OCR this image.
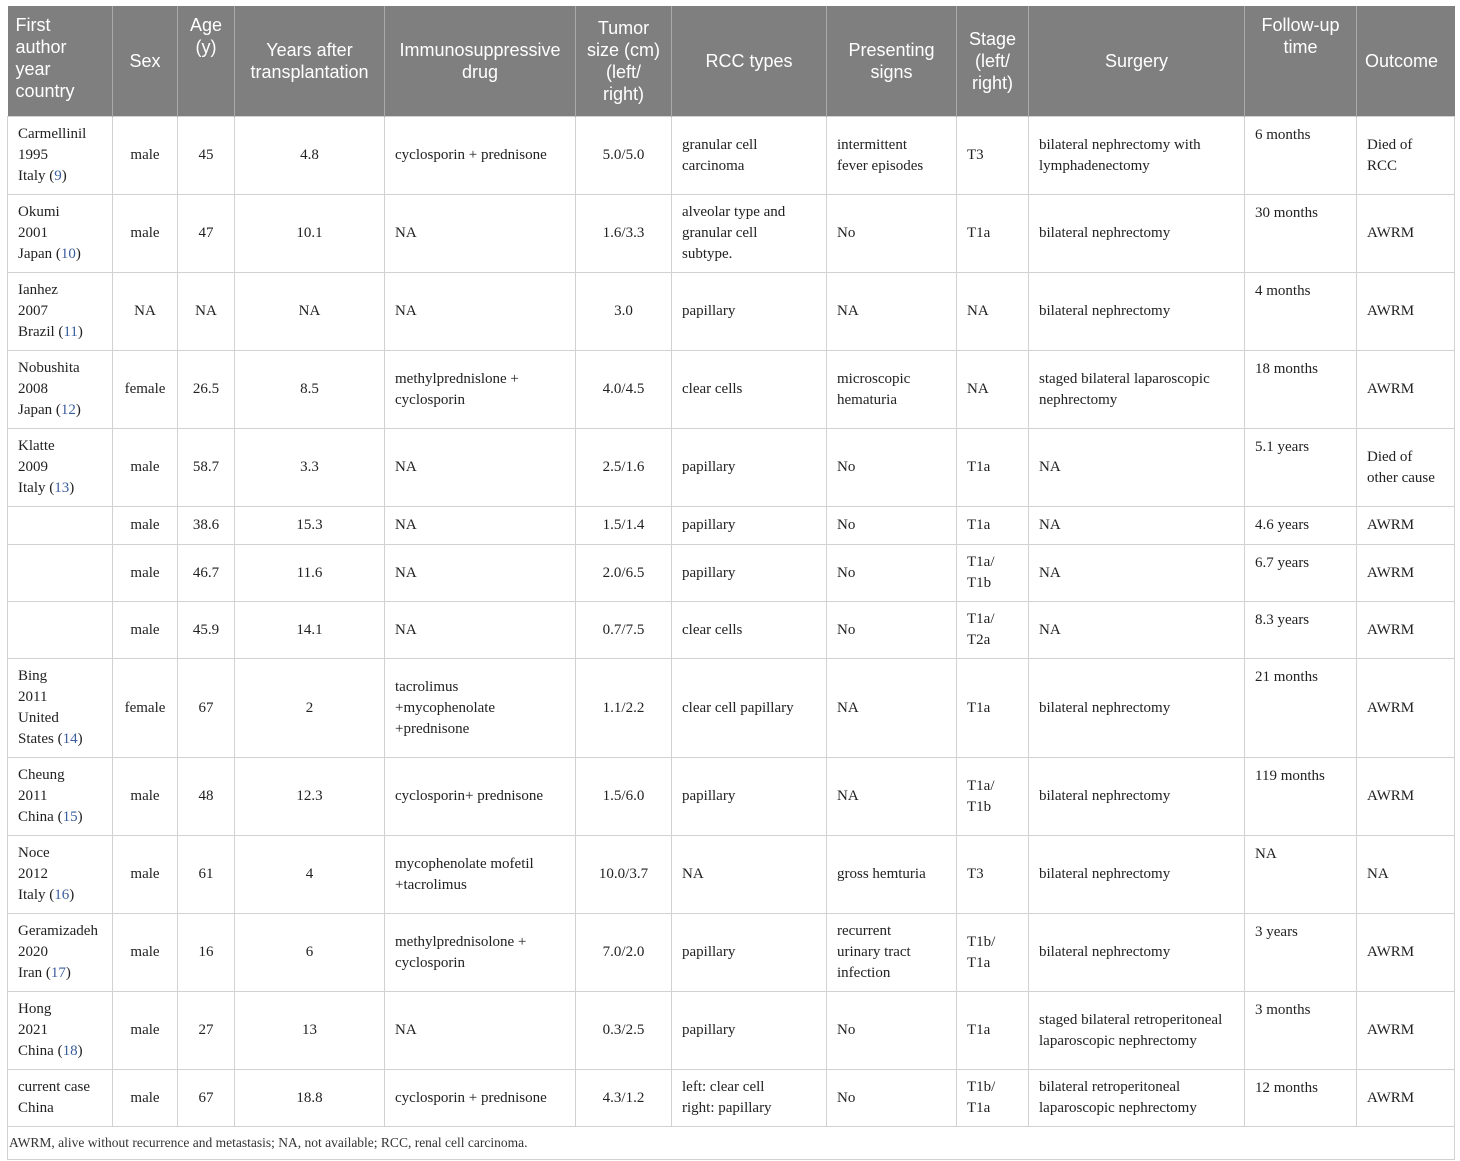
First
author
year
country	Sex	Age
(y)	Years after
transplantation	Immunosuppressive
drug	Tumor
size (cm)
(left/
right)	RCC types	Presenting
signs	Stage
(left/
right)	Surgery	Follow-up
time	Outcome

Carmellinil
1995
Italy (9)	male	45	4.8	cyclosporin + prednisone	5.0/5.0	granular cell
carcinoma	intermittent
fever episodes	T3	bilateral nephrectomy with
lymphadenectomy	6 months	Died of
RCC

Okumi
2001
Japan (10)	male	47	10.1	NA	1.6/3.3	alveolar type and
granular cell
subtype.	No	T1a	bilateral nephrectomy	30 months	AWRM

Ianhez
2007
Brazil (11)	NA	NA	NA	NA	3.0	papillary	NA	NA	bilateral nephrectomy	4 months	AWRM

Nobushita
2008
Japan (12)	female	26.5	8.5	methylprednislone +
cyclosporin	4.0/4.5	clear cells	microscopic
hematuria	NA	staged bilateral laparoscopic
nephrectomy	18 months	AWRM

Klatte
2009
Italy (13)	male	58.7	3.3	NA	2.5/1.6	papillary	No	T1a	NA	5.1 years	Died of
other cause

	male	38.6	15.3	NA	1.5/1.4	papillary	No	T1a	NA	4.6 years	AWRM

	male	46.7	11.6	NA	2.0/6.5	papillary	No	T1a/
T1b	NA	6.7 years	AWRM

	male	45.9	14.1	NA	0.7/7.5	clear cells	No	T1a/
T2a	NA	8.3 years	AWRM

Bing
2011
United
States (14)	female	67	2	tacrolimus
+mycophenolate
+prednisone	1.1/2.2	clear cell papillary	NA	T1a	bilateral nephrectomy	21 months	AWRM

Cheung
2011
China (15)	male	48	12.3	cyclosporin+ prednisone	1.5/6.0	papillary	NA	T1a/
T1b	bilateral nephrectomy	119 months	AWRM

Noce
2012
Italy (16)	male	61	4	mycophenolate mofetil
+tacrolimus	10.0/3.7	NA	gross hemturia	T3	bilateral nephrectomy	NA	NA

Geramizadeh
2020
Iran (17)	male	16	6	methylprednisolone +
cyclosporin	7.0/2.0	papillary	recurrent
urinary tract
infection	T1b/
T1a	bilateral nephrectomy	3 years	AWRM

Hong
2021
China (18)	male	27	13	NA	0.3/2.5	papillary	No	T1a	staged bilateral retroperitoneal
laparoscopic nephrectomy	3 months	AWRM

current case
China	male	67	18.8	cyclosporin + prednisone	4.3/1.2	left: clear cell
right: papillary	No	T1b/
T1a	bilateral retroperitoneal
laparoscopic nephrectomy	12 months	AWRM

AWRM, alive without recurrence and metastasis; NA, not available; RCC, renal cell carcinoma.											
